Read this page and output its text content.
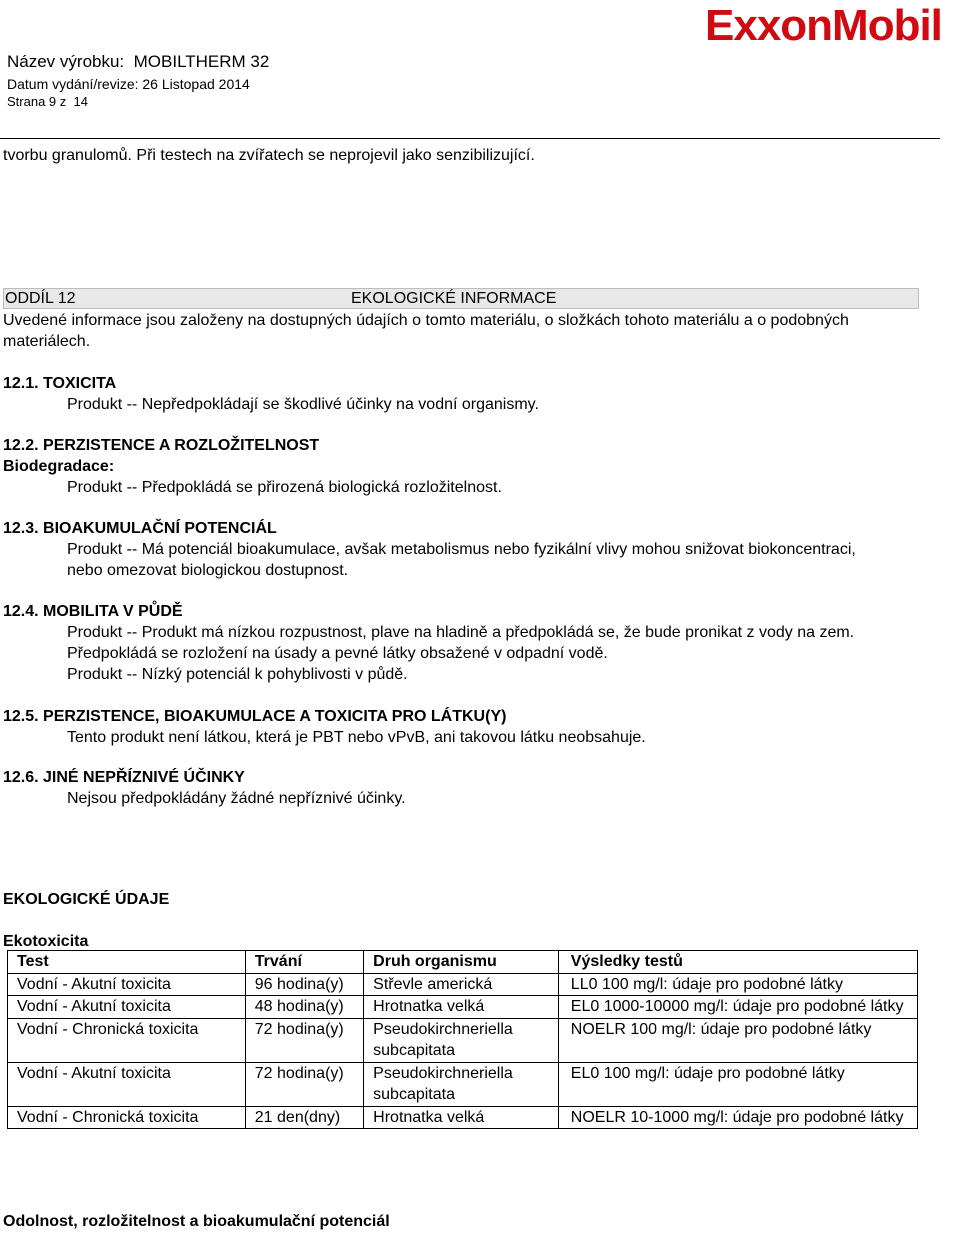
Název výrobku: MOBILTHERM 32
Datum vydání/revize: 26 Listopad 2014
Strana 9 z 14
ExxonMobil
tvorbu granulomů. Při testech na zvířatech se neprojevil jako senzibilizující.
ODDÍL 12	EKOLOGICKÉ INFORMACE
Uvedené informace jsou založeny na dostupných údajích o tomto materiálu, o složkách tohoto materiálu a o podobných
materiálech.
12.1. TOXICITA
Produkt -- Nepředpokládají se škodlivé účinky na vodní organismy.
12.2. PERZISTENCE A ROZLOŽITELNOST
Biodegradace:
Produkt -- Předpokládá se přirozená biologická rozložitelnost.
12.3. BIOAKUMULAČNÍ POTENCIÁL
Produkt -- Má potenciál bioakumulace, avšak metabolismus nebo fyzikální vlivy mohou snižovat biokoncentraci,
nebo omezovat biologickou dostupnost.
12.4. MOBILITA V PŮDĚ
Produkt -- Produkt má nízkou rozpustnost, plave na hladině a předpokládá se, že bude pronikat z vody na zem.
Předpokládá se rozložení na úsady a pevné látky obsažené v odpadní vodě.
Produkt -- Nízký potenciál k pohyblivosti v půdě.
12.5. PERZISTENCE, BIOAKUMULACE A TOXICITA PRO LÁTKU(Y)
Tento produkt není látkou, která je PBT nebo vPvB, ani takovou látku neobsahuje.
12.6. JINÉ NEPŘÍZNIVÉ ÚČINKY
Nejsou předpokládány žádné nepříznivé účinky.
EKOLOGICKÉ ÚDAJE
Ekotoxicita
Test	Trvání	Druh organismu	Výsledky testů
Vodní - Akutní toxicita	96 hodina(y)	Střevle americká	LL0 100 mg/l: údaje pro podobné látky
Vodní - Akutní toxicita	48 hodina(y)	Hrotnatka velká	EL0 1000-10000 mg/l: údaje pro podobné látky
Vodní - Chronická toxicita	72 hodina(y)	Pseudokirchneriella subcapitata	NOELR 100 mg/l: údaje pro podobné látky
Vodní - Akutní toxicita	72 hodina(y)	Pseudokirchneriella subcapitata	EL0 100 mg/l: údaje pro podobné látky
Vodní - Chronická toxicita	21 den(dny)	Hrotnatka velká	NOELR 10-1000 mg/l: údaje pro podobné látky
Odolnost, rozložitelnost a bioakumulační potenciál
